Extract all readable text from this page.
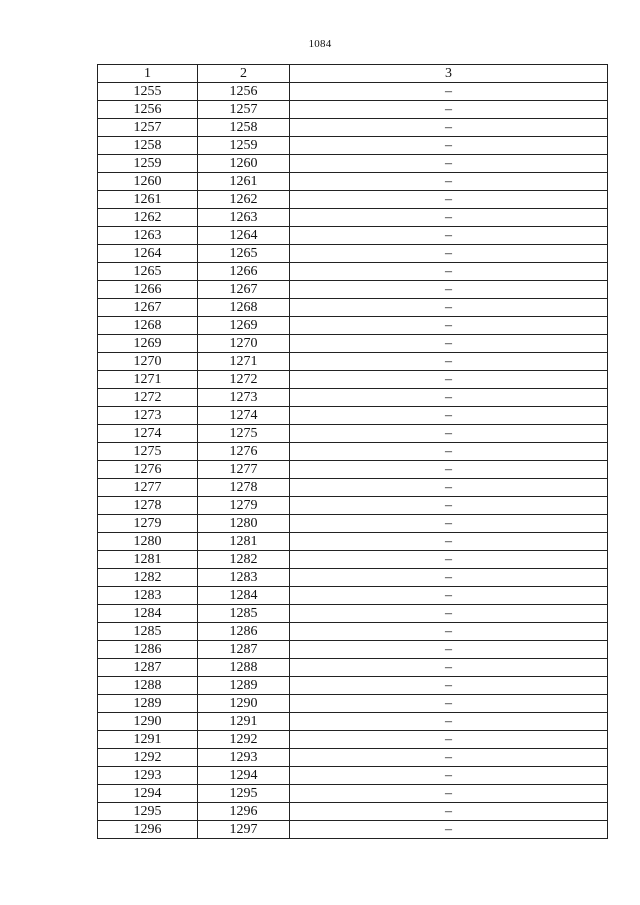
1084
1	2	3
1255	1256	–
1256	1257	–
1257	1258	–
1258	1259	–
1259	1260	–
1260	1261	–
1261	1262	–
1262	1263	–
1263	1264	–
1264	1265	–
1265	1266	–
1266	1267	–
1267	1268	–
1268	1269	–
1269	1270	–
1270	1271	–
1271	1272	–
1272	1273	–
1273	1274	–
1274	1275	–
1275	1276	–
1276	1277	–
1277	1278	–
1278	1279	–
1279	1280	–
1280	1281	–
1281	1282	–
1282	1283	–
1283	1284	–
1284	1285	–
1285	1286	–
1286	1287	–
1287	1288	–
1288	1289	–
1289	1290	–
1290	1291	–
1291	1292	–
1292	1293	–
1293	1294	–
1294	1295	–
1295	1296	–
1296	1297	–
